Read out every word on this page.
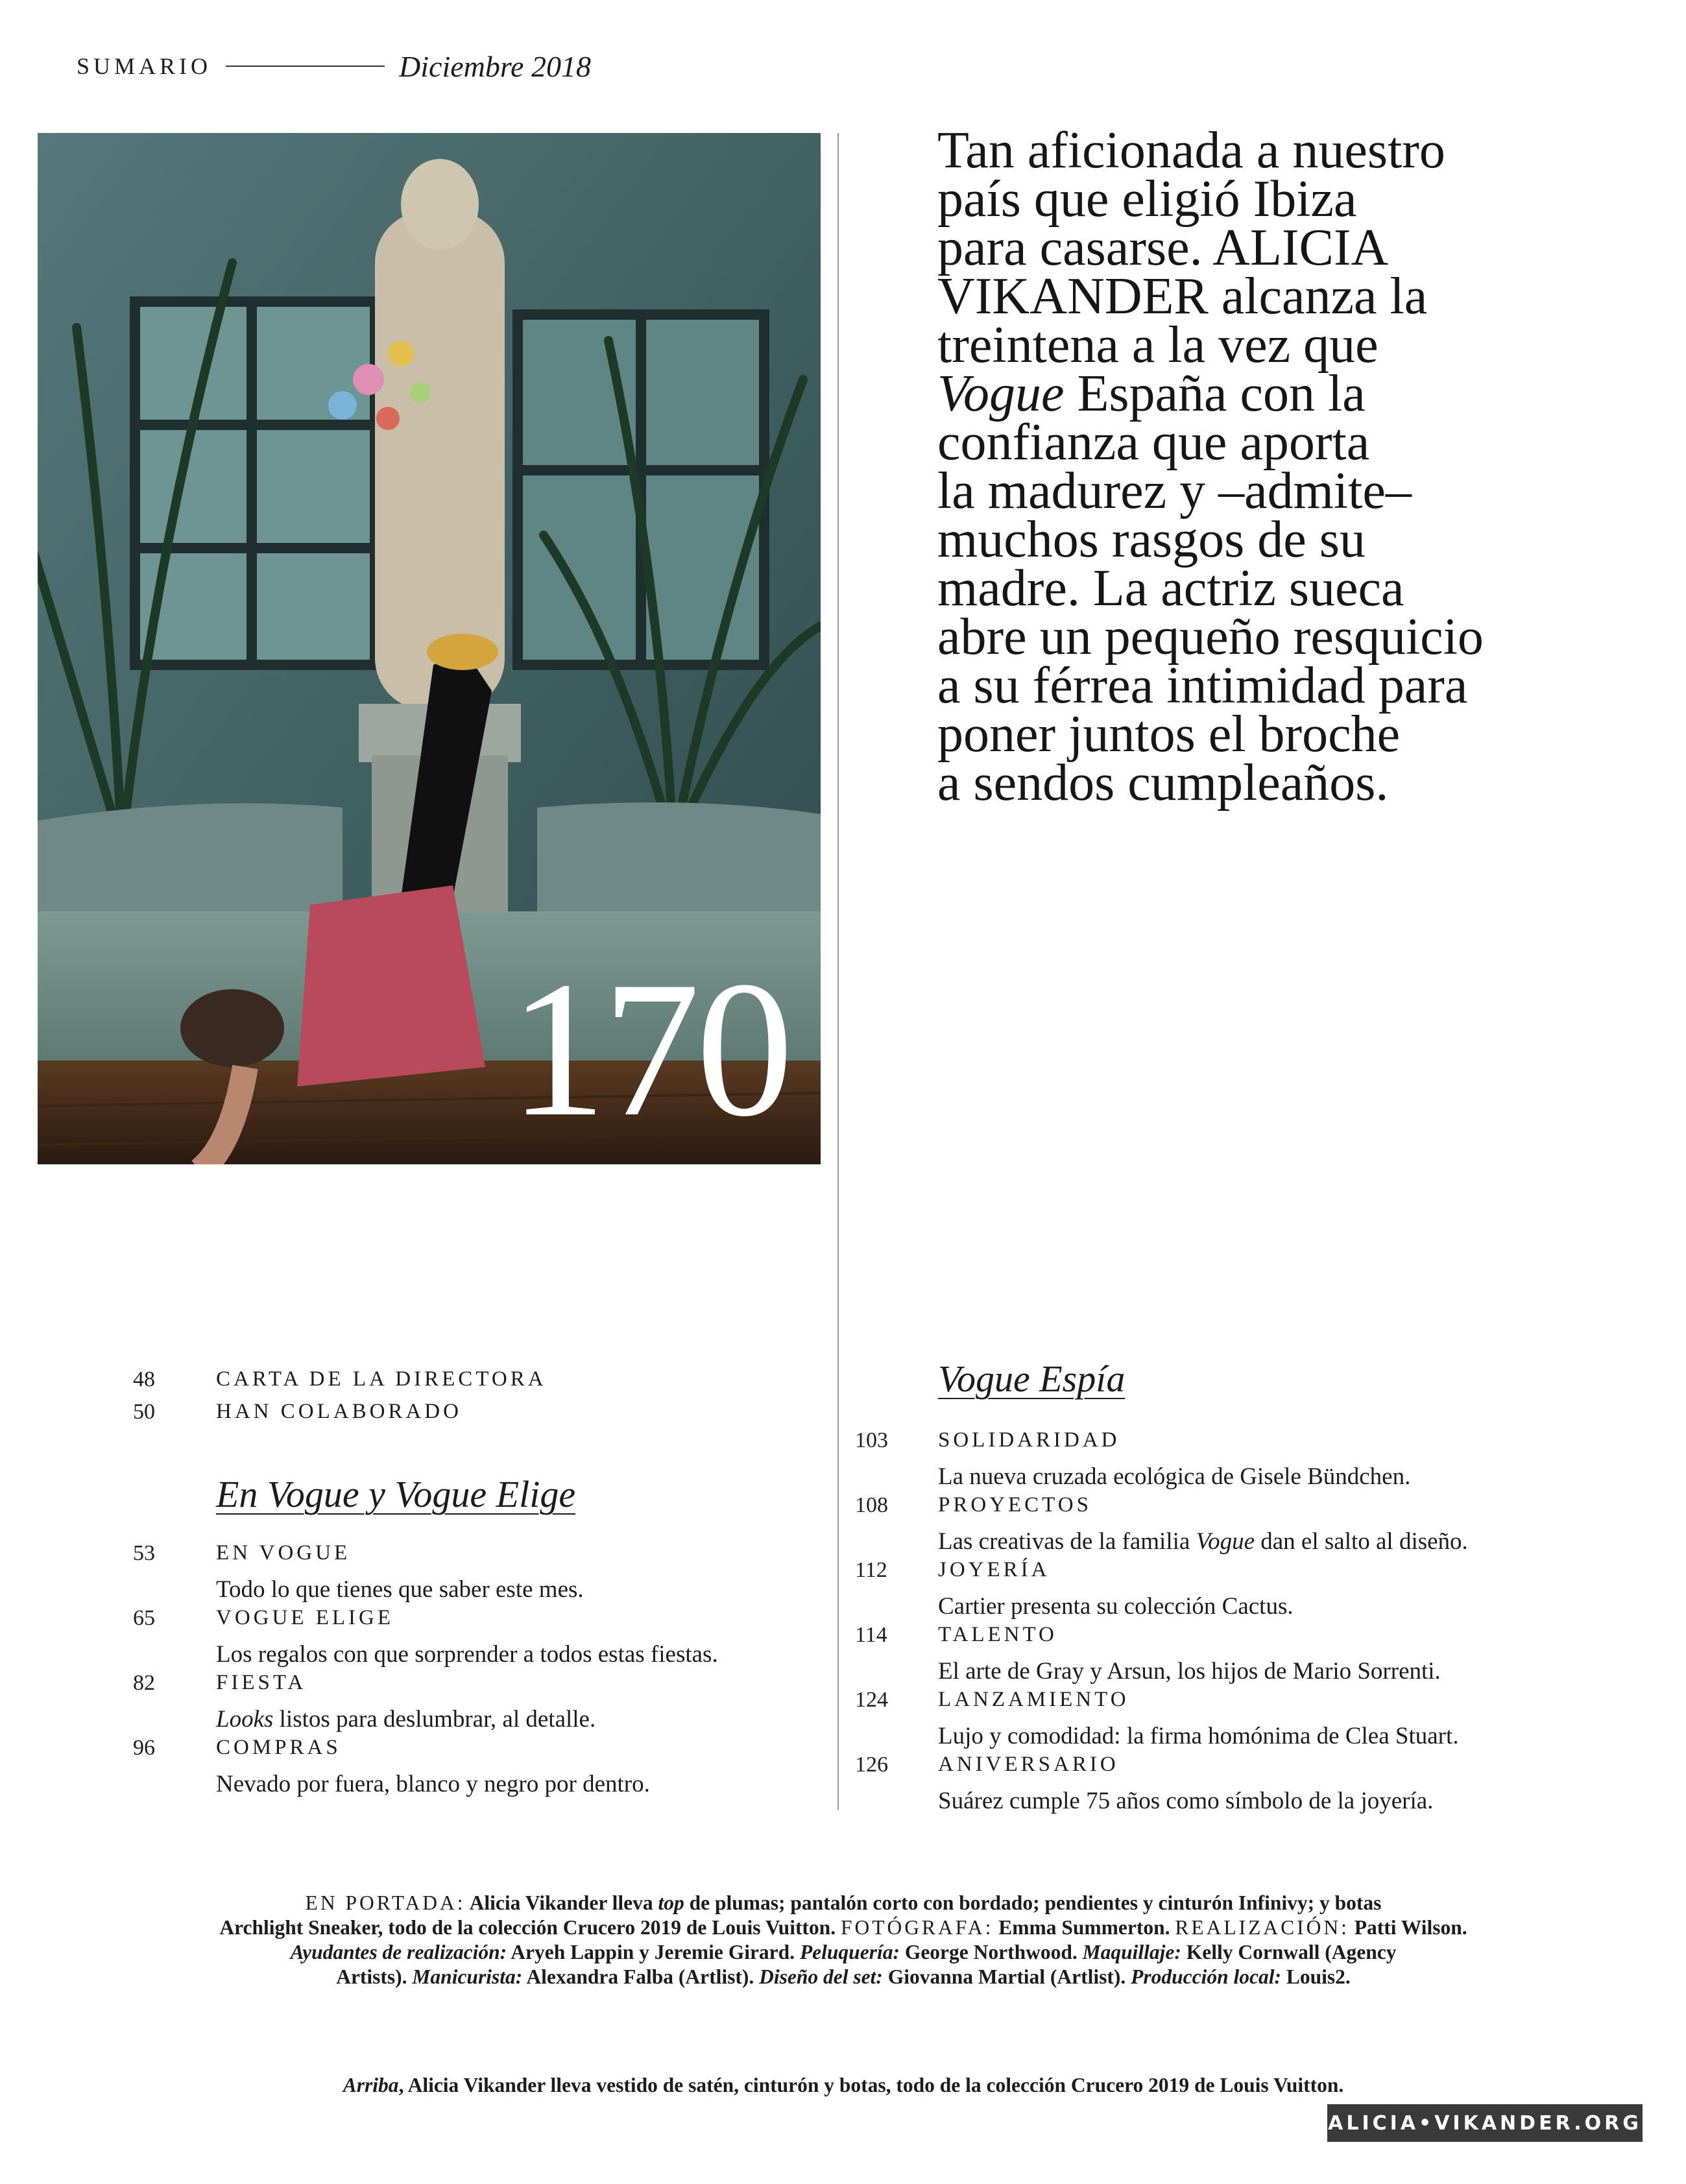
SUMARIO	Diciembre 2018
170
Tan aficionada a nuestro
país que eligió Ibiza
para casarse. ALICIA
VIKANDER alcanza la
treintena a la vez que
Vogue España con la
confianza que aporta
la madurez y –admite–
muchos rasgos de su
madre. La actriz sueca
abre un pequeño resquicio
a su férrea intimidad para
poner juntos el broche
a sendos cumpleaños.
48	CARTA DE LA DIRECTORA
50	HAN COLABORADO
En Vogue y Vogue Elige
53	EN VOGUE
Todo lo que tienes que saber este mes.
65	VOGUE ELIGE
Los regalos con que sorprender a todos estas fiestas.
82	FIESTA
Looks listos para deslumbrar, al detalle.
96	COMPRAS
Nevado por fuera, blanco y negro por dentro.
Vogue Espía
103	SOLIDARIDAD
La nueva cruzada ecológica de Gisele Bündchen.
108	PROYECTOS
Las creativas de la familia Vogue dan el salto al diseño.
112	JOYERÍA
Cartier presenta su colección Cactus.
114	TALENTO
El arte de Gray y Arsun, los hijos de Mario Sorrenti.
124	LANZAMIENTO
Lujo y comodidad: la firma homónima de Clea Stuart.
126	ANIVERSARIO
Suárez cumple 75 años como símbolo de la joyería.
EN PORTADA: Alicia Vikander lleva top de plumas; pantalón corto con bordado; pendientes y cinturón Infinivy; y botas
Archlight Sneaker, todo de la colección Crucero 2019 de Louis Vuitton. FOTÓGRAFA: Emma Summerton. REALIZACIÓN: Patti Wilson.
Ayudantes de realización: Aryeh Lappin y Jeremie Girard. Peluquería: George Northwood. Maquillaje: Kelly Cornwall (Agency
Artists). Manicurista: Alexandra Falba (Artlist). Diseño del set: Giovanna Martial (Artlist). Producción local: Louis2.
Arriba, Alicia Vikander lleva vestido de satén, cinturón y botas, todo de la colección Crucero 2019 de Louis Vuitton.
ALICIA•VIKANDER.ORG
